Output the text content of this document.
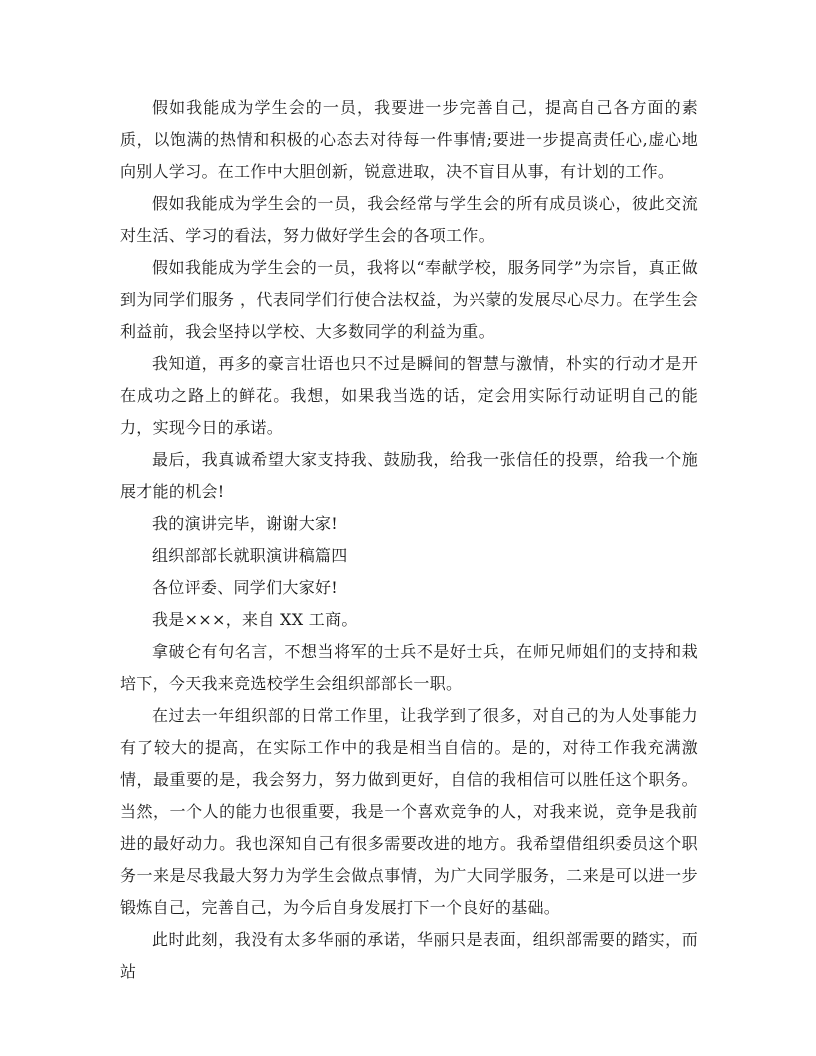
假如我能成为学生会的一员，我要进一步完善自己，提高自己各方面的素质，以饱满的热情和积极的心态去对待每一件事情;要进一步提高责任心,虚心地向别人学习。在工作中大胆创新，锐意进取，决不盲目从事，有计划的工作。

假如我能成为学生会的一员，我会经常与学生会的所有成员谈心，彼此交流对生活、学习的看法，努力做好学生会的各项工作。

假如我能成为学生会的一员，我将以“奉献学校，服务同学”为宗旨，真正做到为同学们服务 ，代表同学们行使合法权益，为兴蒙的发展尽心尽力。在学生会利益前，我会坚持以学校、大多数同学的利益为重。

我知道，再多的豪言壮语也只不过是瞬间的智慧与激情，朴实的行动才是开在成功之路上的鲜花。我想，如果我当选的话，定会用实际行动证明自己的能力，实现今日的承诺。

最后，我真诚希望大家支持我、鼓励我，给我一张信任的投票，给我一个施展才能的机会!

我的演讲完毕，谢谢大家!

组织部部长就职演讲稿篇四

各位评委、同学们大家好!

我是×××，来自 XX 工商。

拿破仑有句名言，不想当将军的士兵不是好士兵，在师兄师姐们的支持和栽培下，今天我来竞选校学生会组织部部长一职。

在过去一年组织部的日常工作里，让我学到了很多，对自己的为人处事能力有了较大的提高，在实际工作中的我是相当自信的。是的，对待工作我充满激情，最重要的是，我会努力，努力做到更好，自信的我相信可以胜任这个职务。当然，一个人的能力也很重要，我是一个喜欢竞争的人，对我来说，竞争是我前进的最好动力。我也深知自己有很多需要改进的地方。我希望借组织委员这个职务一来是尽我最大努力为学生会做点事情，为广大同学服务，二来是可以进一步锻炼自己，完善自己，为今后自身发展打下一个良好的基础。

此时此刻，我没有太多华丽的承诺，华丽只是表面，组织部需要的踏实，而站
